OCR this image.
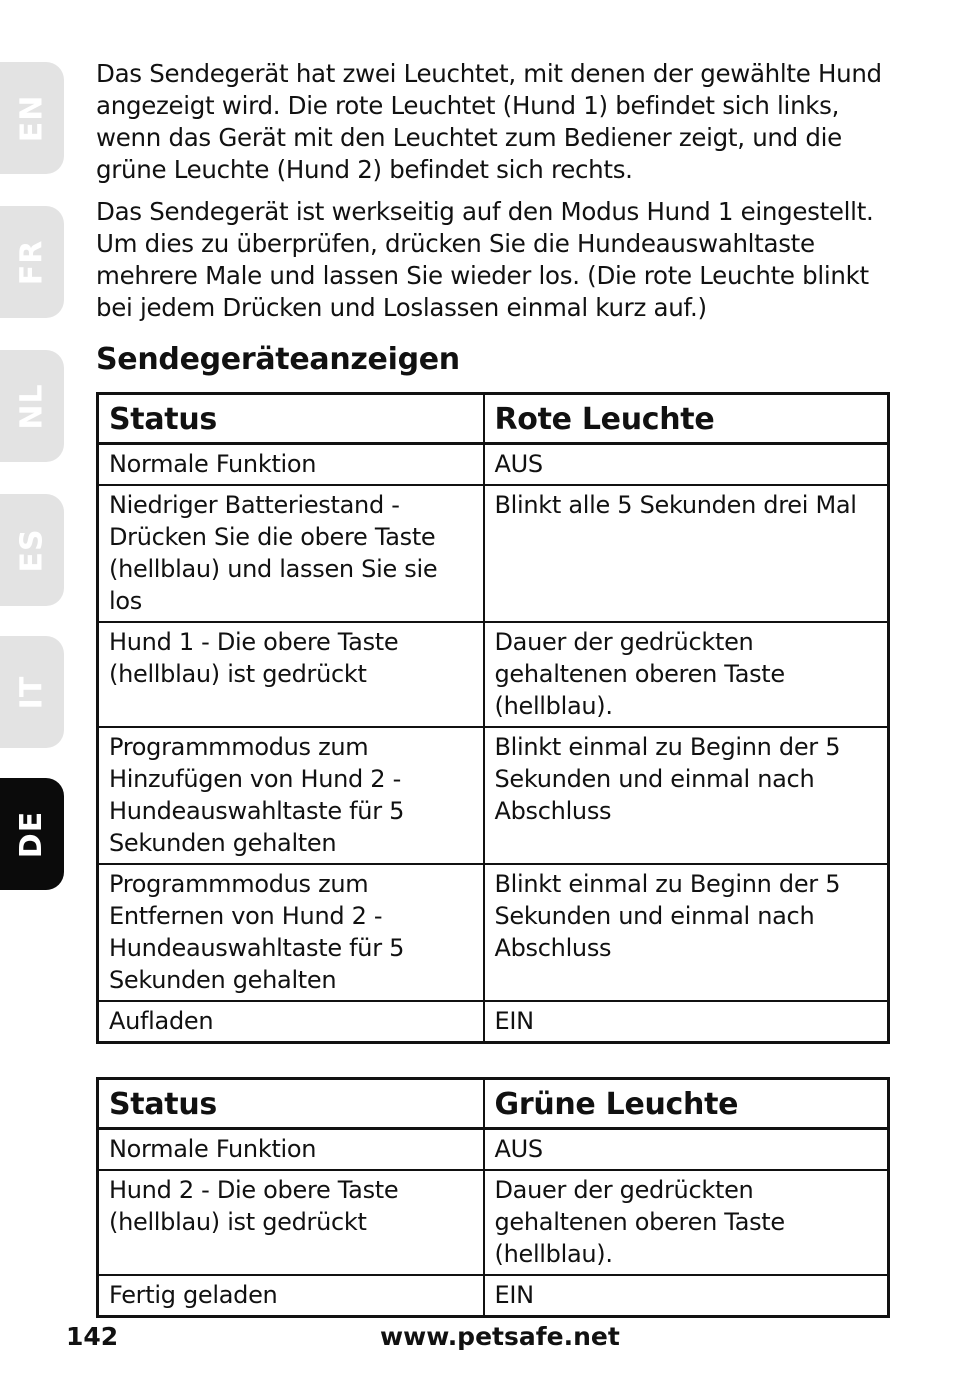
EN
FR
NL
ES
IT
DE

Das Sendegerät hat zwei Leuchtet, mit denen der gewählte Hund angezeigt wird. Die rote Leuchtet (Hund 1) befindet sich links, wenn das Gerät mit den Leuchtet zum Bediener zeigt, und die grüne Leuchte (Hund 2) befindet sich rechts.

Das Sendegerät ist werkseitig auf den Modus Hund 1 eingestellt. Um dies zu überprüfen, drücken Sie die Hundeauswahltaste mehrere Male und lassen Sie wieder los. (Die rote Leuchte blinkt bei jedem Drücken und Loslassen einmal kurz auf.)

Sendegeräteanzeigen
Status	Rote Leuchte
Normale Funktion	AUS
Niedriger Batteriestand - Drücken Sie die obere Taste (hellblau) und lassen Sie sie los	Blinkt alle 5 Sekunden drei Mal
Hund 1 - Die obere Taste (hellblau) ist gedrückt	Dauer der gedrückten gehaltenen oberen Taste (hellblau).
Programmmodus zum Hinzufügen von Hund 2 - Hundeauswahltaste für 5 Sekunden gehalten	Blinkt einmal zu Beginn der 5 Sekunden und einmal nach Abschluss
Programmmodus zum Entfernen von Hund 2 - Hundeauswahltaste für 5 Sekunden gehalten	Blinkt einmal zu Beginn der 5 Sekunden und einmal nach Abschluss
Aufladen	EIN
Status	Grüne Leuchte
Normale Funktion	AUS
Hund 2 - Die obere Taste (hellblau) ist gedrückt	Dauer der gedrückten gehaltenen oberen Taste (hellblau).
Fertig geladen	EIN
142	www.petsafe.net
